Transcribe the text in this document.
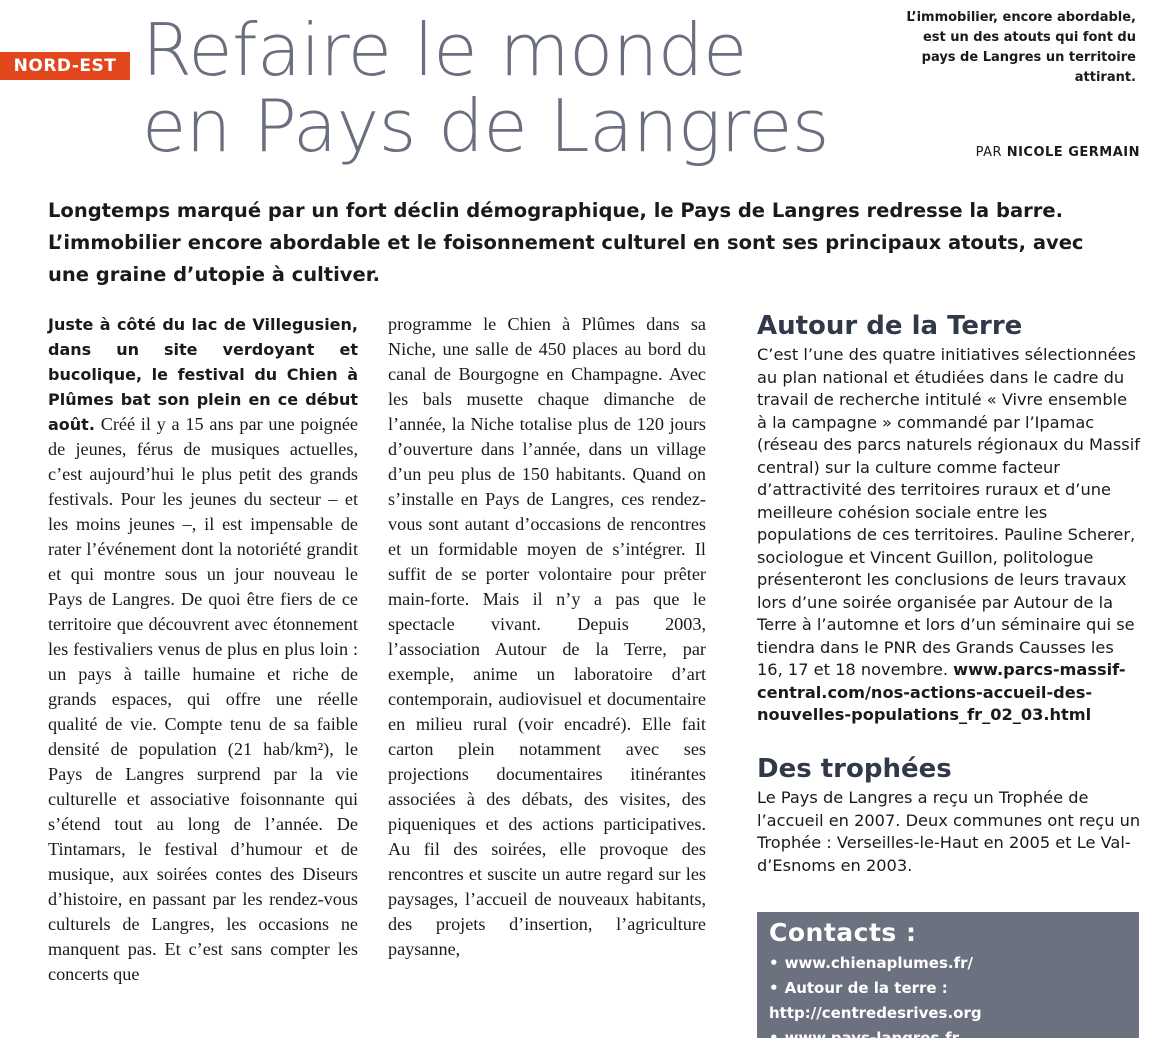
NORD-EST Refaire le monde
en Pays de Langres
L’immobilier, encore abordable, est un des atouts qui font du pays de Langres un territoire attirant.
PAR NICOLE GERMAIN
Longtemps marqué par un fort déclin démographique, le Pays de Langres redresse la barre. L’immobilier encore abordable et le foisonnement culturel en sont ses principaux atouts, avec une graine d’utopie à cultiver.
Juste à côté du lac de Villegusien, dans un site verdoyant et bucolique, le festival du Chien à Plûmes bat son plein en ce début août. Créé il y a 15 ans par une poignée de jeunes, férus de musiques actuelles, c’est aujourd’hui le plus petit des grands festivals. Pour les jeunes du secteur – et les moins jeunes –, il est impensable de rater l’événement dont la notoriété grandit et qui montre sous un jour nouveau le Pays de Langres. De quoi être fiers de ce territoire que découvrent avec étonnement les festivaliers venus de plus en plus loin : un pays à taille humaine et riche de grands espaces, qui offre une réelle qualité de vie. Compte tenu de sa faible densité de population (21 hab/km²), le Pays de Langres surprend par la vie culturelle et associative foisonnante qui s’étend tout au long de l’année. De Tintamars, le festival d’humour et de musique, aux soirées contes des Diseurs d’histoire, en passant par les rendez-vous culturels de Langres, les occasions ne manquent pas. Et c’est sans compter les concerts que
programme le Chien à Plûmes dans sa Niche, une salle de 450 places au bord du canal de Bourgogne en Champagne. Avec les bals musette chaque dimanche de l’année, la Niche totalise plus de 120 jours d’ouverture dans l’année, dans un village d’un peu plus de 150 habitants. Quand on s’installe en Pays de Langres, ces rendez-vous sont autant d’occasions de rencontres et un formidable moyen de s’intégrer. Il suffit de se porter volontaire pour prêter main-forte. Mais il n’y a pas que le spectacle vivant. Depuis 2003, l’association Autour de la Terre, par exemple, anime un laboratoire d’art contemporain, audiovisuel et documentaire en milieu rural (voir encadré). Elle fait carton plein notamment avec ses projections documentaires itinérantes associées à des débats, des visites, des piqueniques et des actions participatives. Au fil des soirées, elle provoque des rencontres et suscite un autre regard sur les paysages, l’accueil de nouveaux habitants, des projets d’insertion, l’agriculture paysanne,
Autour de la Terre

C’est l’une des quatre initiatives sélectionnées au plan national et étudiées dans le cadre du travail de recherche intitulé « Vivre ensemble à la campagne » commandé par l’Ipamac (réseau des parcs naturels régionaux du Massif central) sur la culture comme facteur d’attractivité des territoires ruraux et d’une meilleure cohésion sociale entre les populations de ces territoires. Pauline Scherer, sociologue et Vincent Guillon, politologue présenteront les conclusions de leurs travaux lors d’une soirée organisée par Autour de la Terre à l’automne et lors d’un séminaire qui se tiendra dans le PNR des Grands Causses les 16, 17 et 18 novembre. www.parcs-massif-central.com/nos-actions-accueil-des-nouvelles-populations_fr_02_03.html

Des trophées

Le Pays de Langres a reçu un Trophée de l’accueil en 2007. Deux communes ont reçu un Trophée : Verseilles-le-Haut en 2005 et Le Val-d’Esnoms en 2003.

Contacts :
• www.chienaplumes.fr/
• Autour de la terre : http://centredesrives.org
• www.pays-langres.fr
